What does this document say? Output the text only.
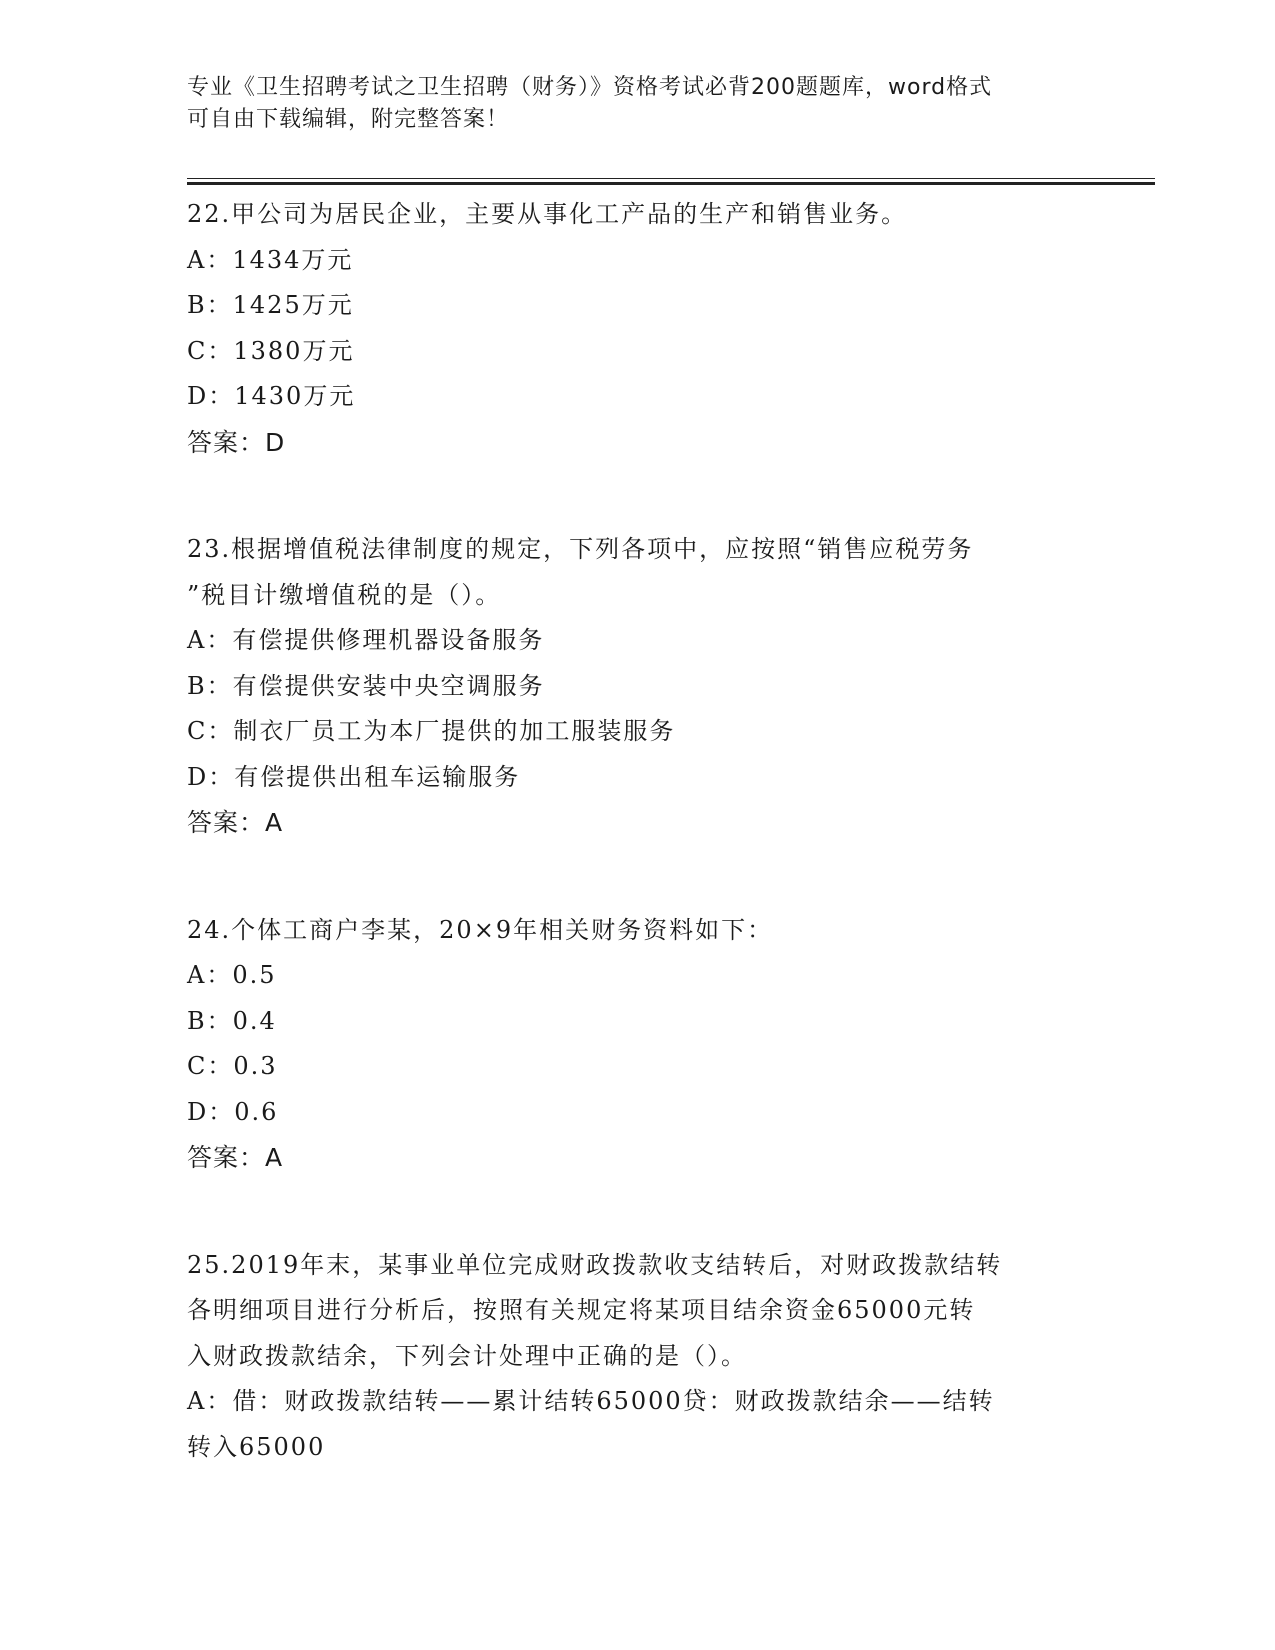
专业《卫生招聘考试之卫生招聘（财务）》资格考试必背200题题库，word格式
可自由下载编辑，附完整答案！
22.甲公司为居民企业，主要从事化工产品的生产和销售业务。
A：1434万元
B：1425万元
C：1380万元
D：1430万元
答案：D
23.根据增值税法律制度的规定，下列各项中，应按照“销售应税劳务
”税目计缴增值税的是（）。
A：有偿提供修理机器设备服务
B：有偿提供安装中央空调服务
C：制衣厂员工为本厂提供的加工服装服务
D：有偿提供出租车运输服务
答案：A
24.个体工商户李某，20×9年相关财务资料如下：
A：0.5
B：0.4
C：0.3
D：0.6
答案：A
25.2019年末，某事业单位完成财政拨款收支结转后，对财政拨款结转
各明细项目进行分析后，按照有关规定将某项目结余资金65000元转
入财政拨款结余，下列会计处理中正确的是（）。
A：借：财政拨款结转——累计结转65000贷：财政拨款结余——结转
转入65000
